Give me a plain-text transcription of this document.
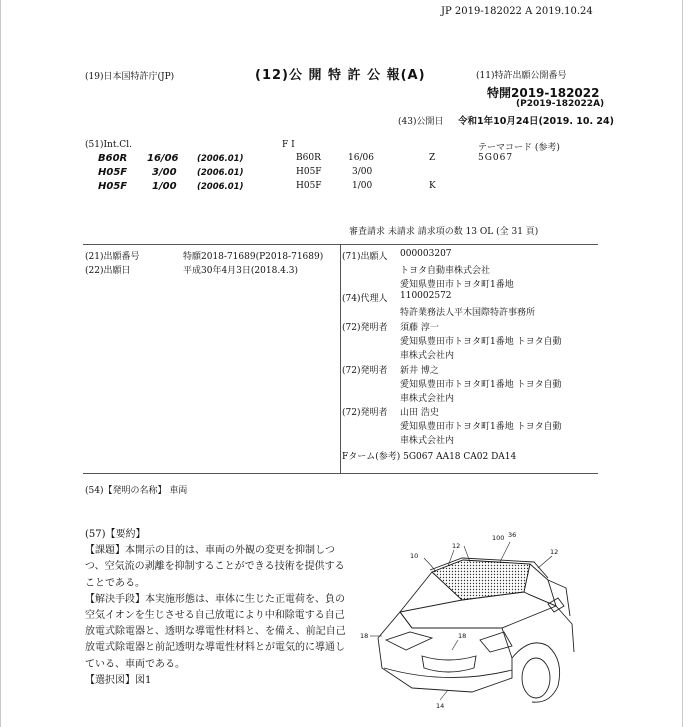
JP 2019-182022 A 2019.10.24
(19)日本国特許庁(JP)	(12)公 開 特 許 公 報(A)	(11)特許出願公開番号
特開2019-182022
(P2019-182022A)
(43)公開日 令和1年10月24日(2019. 10. 24)
(51)Int.Cl.	F I	テーマコード (参考)
B60R 16/06 (2006.01)	B60R	16/06	Z	5G067
H05F 3/00 (2006.01)	H05F	3/00
H05F 1/00 (2006.01)	H05F	1/00	K
審査請求 未請求 請求項の数 13 OL (全 31 頁)
(21)出願番号	特願2018-71689(P2018-71689)
(22)出願日	平成30年4月3日(2018.4.3)
(71)出願人 000003207
トヨタ自動車株式会社
愛知県豊田市トヨタ町1番地
(74)代理人 110002572
特許業務法人平木国際特許事務所
(72)発明者 須藤 淳一
愛知県豊田市トヨタ町1番地 トヨタ自動
車株式会社内
(72)発明者 新井 博之
愛知県豊田市トヨタ町1番地 トヨタ自動
車株式会社内
(72)発明者 山田 浩史
愛知県豊田市トヨタ町1番地 トヨタ自動
車株式会社内
Fターム(参考) 5G067 AA18 CA02 DA14
(54)【発明の名称】 車両

(57)【要約】

【課題】本開示の目的は、車両の外観の変更を抑制しつつ、空気流の剥離を抑制することができる技術を提供することである。

【解決手段】本実施形態は、車体に生じた正電荷を、負の空気イオンを生じさせる自己放電により中和除電する自己放電式除電器と、透明な導電性材料と、を備え、前記自己放電式除電器と前記透明な導電性材料とが電気的に導通している、車両である。

【選択図】図1

10
100 36
12
12
18	18
14
